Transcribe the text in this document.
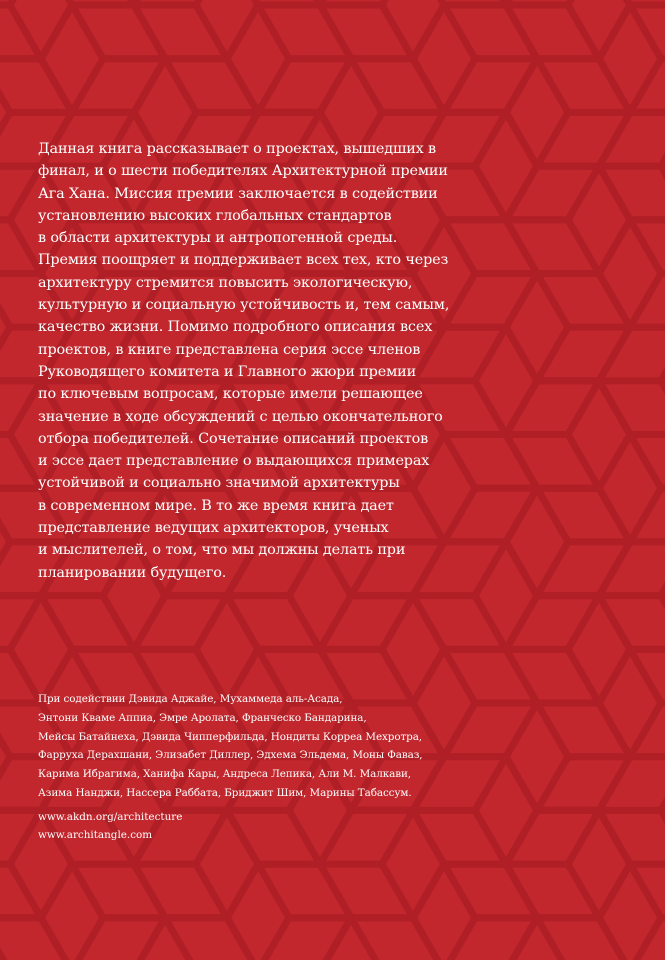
Данная книга рассказывает о проектах, вышедших в

финал, и о шести победителях Архитектурной премии

Ага Хана. Миссия премии заключается в содействии

установлению высоких глобальных стандартов

в области архитектуры и антропогенной среды.

Премия поощряет и поддерживает всех тех, кто через

архитектуру стремится повысить экологическую,

культурную и социальную устойчивость и, тем самым,

качество жизни. Помимо подробного описания всех

проектов, в книге представлена серия эссе членов

Руководящего комитета и Главного жюри премии

по ключевым вопросам, которые имели решающее

значение в ходе обсуждений с целью окончательного

отбора победителей. Сочетание описаний проектов

и эссе дает представление о выдающихся примерах

устойчивой и социально значимой архитектуры

в современном мире. В то же время книга дает

представление ведущих архитекторов, ученых

и мыслителей, о том, что мы должны делать при

планировании будущего.

При содействии Дэвида Аджайе, Мухаммеда аль-Асада,

Энтони Кваме Аппиа, Эмре Аролата, Франческо Бандарина,

Мейсы Батайнеха, Дэвида Чипперфильда, Нондиты Корреа Мехротра,

Фарруха Дерахшани, Элизабет Диллер, Эдхема Эльдема, Моны Фаваз,

Карима Ибрагима, Ханифа Кары, Андреса Лепика, Али М. Малкави,

Азима Нанджи, Нассера Раббата, Бриджит Шим, Марины Табассум.

www.akdn.org/architecture

www.architangle.com
